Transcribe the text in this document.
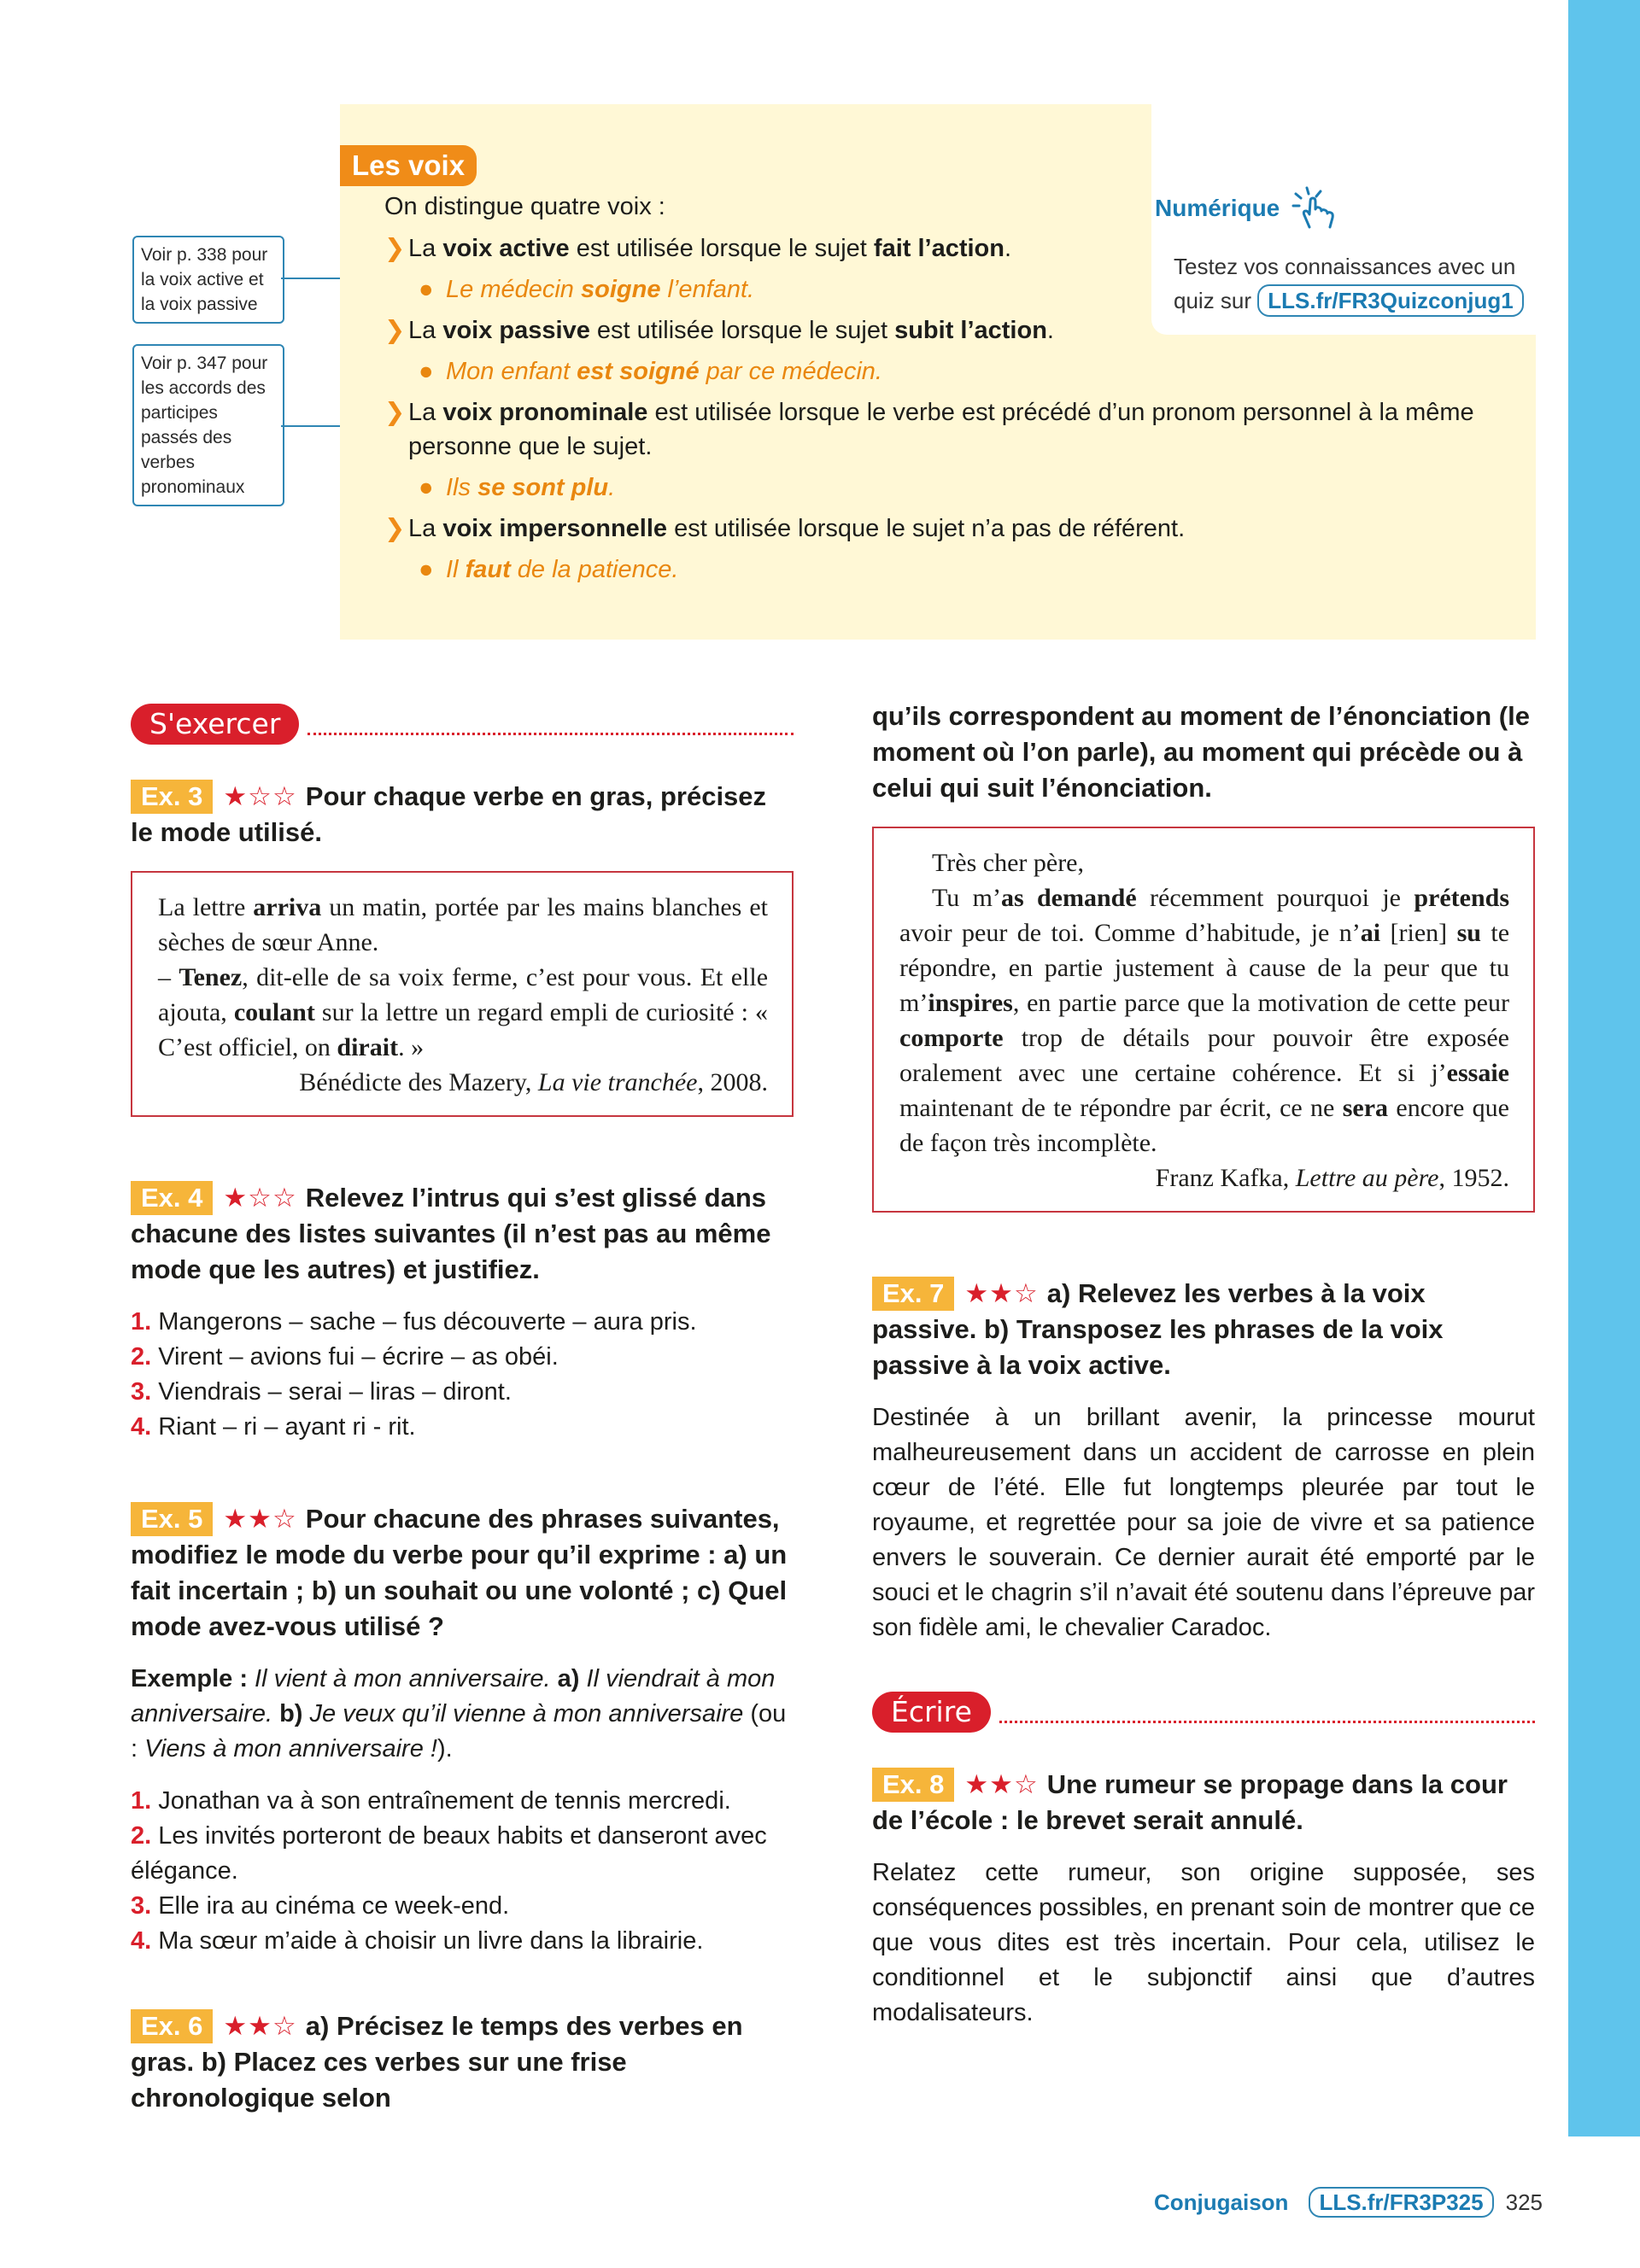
Voir p. 338 pour la voix active et la voix passive
Voir p. 347 pour les accords des participes passés des verbes pronominaux
Numérique
Testez vos connaissances avec un quiz sur LLS.fr/FR3Quizconjug1
Les voix
On distingue quatre voix :
❯ La voix active est utilisée lorsque le sujet fait l’action.
● Le médecin soigne l’enfant.
❯ La voix passive est utilisée lorsque le sujet subit l’action.
● Mon enfant est soigné par ce médecin.
❯ La voix pronominale est utilisée lorsque le verbe est précédé d’un pronom personnel à la même personne que le sujet.
● Ils se sont plu.
❯ La voix impersonnelle est utilisée lorsque le sujet n’a pas de référent.
● Il faut de la patience.
S'exercer
Ex. 3 ★☆☆ Pour chaque verbe en gras, précisez le mode utilisé.

La lettre arriva un matin, portée par les mains blanches et sèches de sœur Anne.

– Tenez, dit-elle de sa voix ferme, c’est pour vous. Et elle ajouta, coulant sur la lettre un regard empli de curiosité : « C’est officiel, on dirait. »

Bénédicte des Mazery, La vie tranchée, 2008.

Ex. 4 ★☆☆ Relevez l’intrus qui s’est glissé dans chacune des listes suivantes (il n’est pas au même mode que les autres) et justifiez.
1. Mangerons – sache – fus découverte – aura pris.
2. Virent – avions fui – écrire – as obéi.
3. Viendrais – serai – liras – diront.
4. Riant – ri – ayant ri - rit.
Ex. 5 ★★☆ Pour chacune des phrases suivantes, modifiez le mode du verbe pour qu’il exprime : a) un fait incertain ; b) un souhait ou une volonté ; c) Quel mode avez-vous utilisé ?
Exemple : Il vient à mon anniversaire. a) Il viendrait à mon anniversaire. b) Je veux qu’il vienne à mon anniversaire (ou : Viens à mon anniversaire !).
1. Jonathan va à son entraînement de tennis mercredi.
2. Les invités porteront de beaux habits et danseront avec élégance.
3. Elle ira au cinéma ce week-end.
4. Ma sœur m’aide à choisir un livre dans la librairie.
Ex. 6 ★★☆ a) Précisez le temps des verbes en gras. b) Placez ces verbes sur une frise chronologique selon
qu’ils correspondent au moment de l’énonciation (le moment où l’on parle), au moment qui précède ou à celui qui suit l’énonciation.

Très cher père,

Tu m’as demandé récemment pourquoi je prétends avoir peur de toi. Comme d’habitude, je n’ai [rien] su te répondre, en partie justement à cause de la peur que tu m’inspires, en partie parce que la motivation de cette peur comporte trop de détails pour pouvoir être exposée oralement avec une certaine cohérence. Et si j’essaie maintenant de te répondre par écrit, ce ne sera encore que de façon très incomplète.

Franz Kafka, Lettre au père, 1952.

Ex. 7 ★★☆ a) Relevez les verbes à la voix passive. b) Transposez les phrases de la voix passive à la voix active.
Destinée à un brillant avenir, la princesse mourut malheureusement dans un accident de carrosse en plein cœur de l’été. Elle fut longtemps pleurée par tout le royaume, et regrettée pour sa joie de vivre et sa patience envers le souverain. Ce dernier aurait été emporté par le souci et le chagrin s’il n’avait été soutenu dans l’épreuve par son fidèle ami, le chevalier Caradoc.
Écrire
Ex. 8 ★★☆ Une rumeur se propage dans la cour de l’école : le brevet serait annulé.
Relatez cette rumeur, son origine supposée, ses conséquences possibles, en prenant soin de montrer que ce que vous dites est très incertain. Pour cela, utilisez le conditionnel et le subjonctif ainsi que d’autres modalisateurs.
Conjugaison	LLS.fr/FR3P325	325
